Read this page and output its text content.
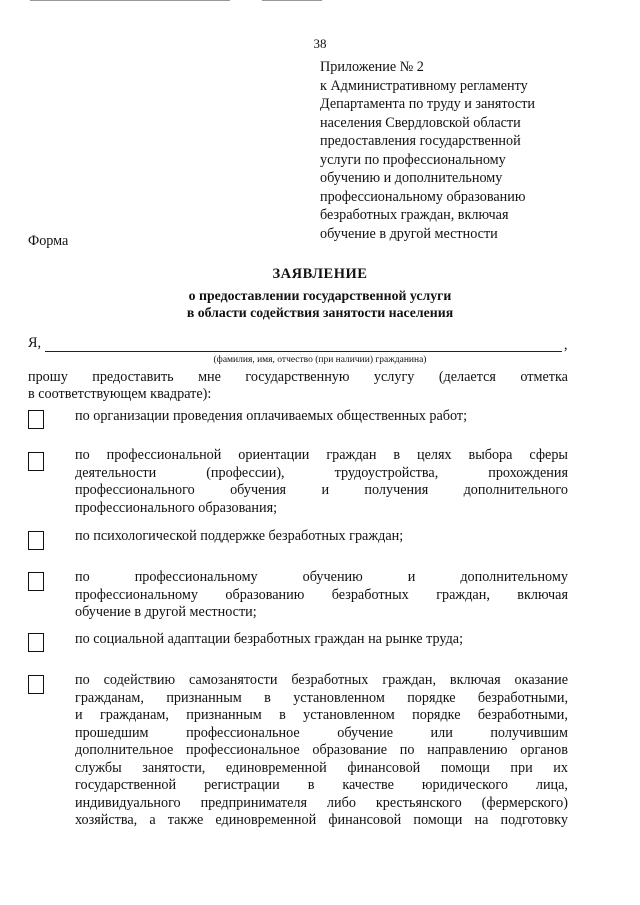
38
Приложение № 2
к Административному регламенту
Департамента по труду и занятости
населения Свердловской области
предоставления государственной
услуги по профессиональному
обучению и дополнительному
профессиональному образованию
безработных граждан, включая
обучение в другой местности
Форма
ЗАЯВЛЕНИЕ
о предоставлении государственной услуги
в области содействия занятости населения
Я,	,
(фамилия, имя, отчество (при наличии) гражданина)
прошу предоставить мне государственную услугу (делается отметка
в соответствующем квадрате):
по организации проведения оплачиваемых общественных работ;
по профессиональной ориентации граждан в целях выбора сферы
деятельности	(профессии),	трудоустройства,	прохождения
профессионального обучения и получения дополнительного
профессионального образования;
по психологической поддержке безработных граждан;
по	профессиональному	обучению	и	дополнительному
профессиональному образованию безработных граждан, включая
обучение в другой местности;
по социальной адаптации безработных граждан на рынке труда;
по содействию самозанятости безработных граждан, включая оказание
гражданам, признанным в установленном порядке безработными,
и гражданам, признанным в установленном порядке безработными,
прошедшим	профессиональное	обучение	или	получившим
дополнительное профессиональное образование по направлению органов
службы занятости, единовременной финансовой помощи при их
государственной регистрации в качестве юридического лица,
индивидуального предпринимателя либо крестьянского (фермерского)
хозяйства, а также единовременной финансовой помощи на подготовку
